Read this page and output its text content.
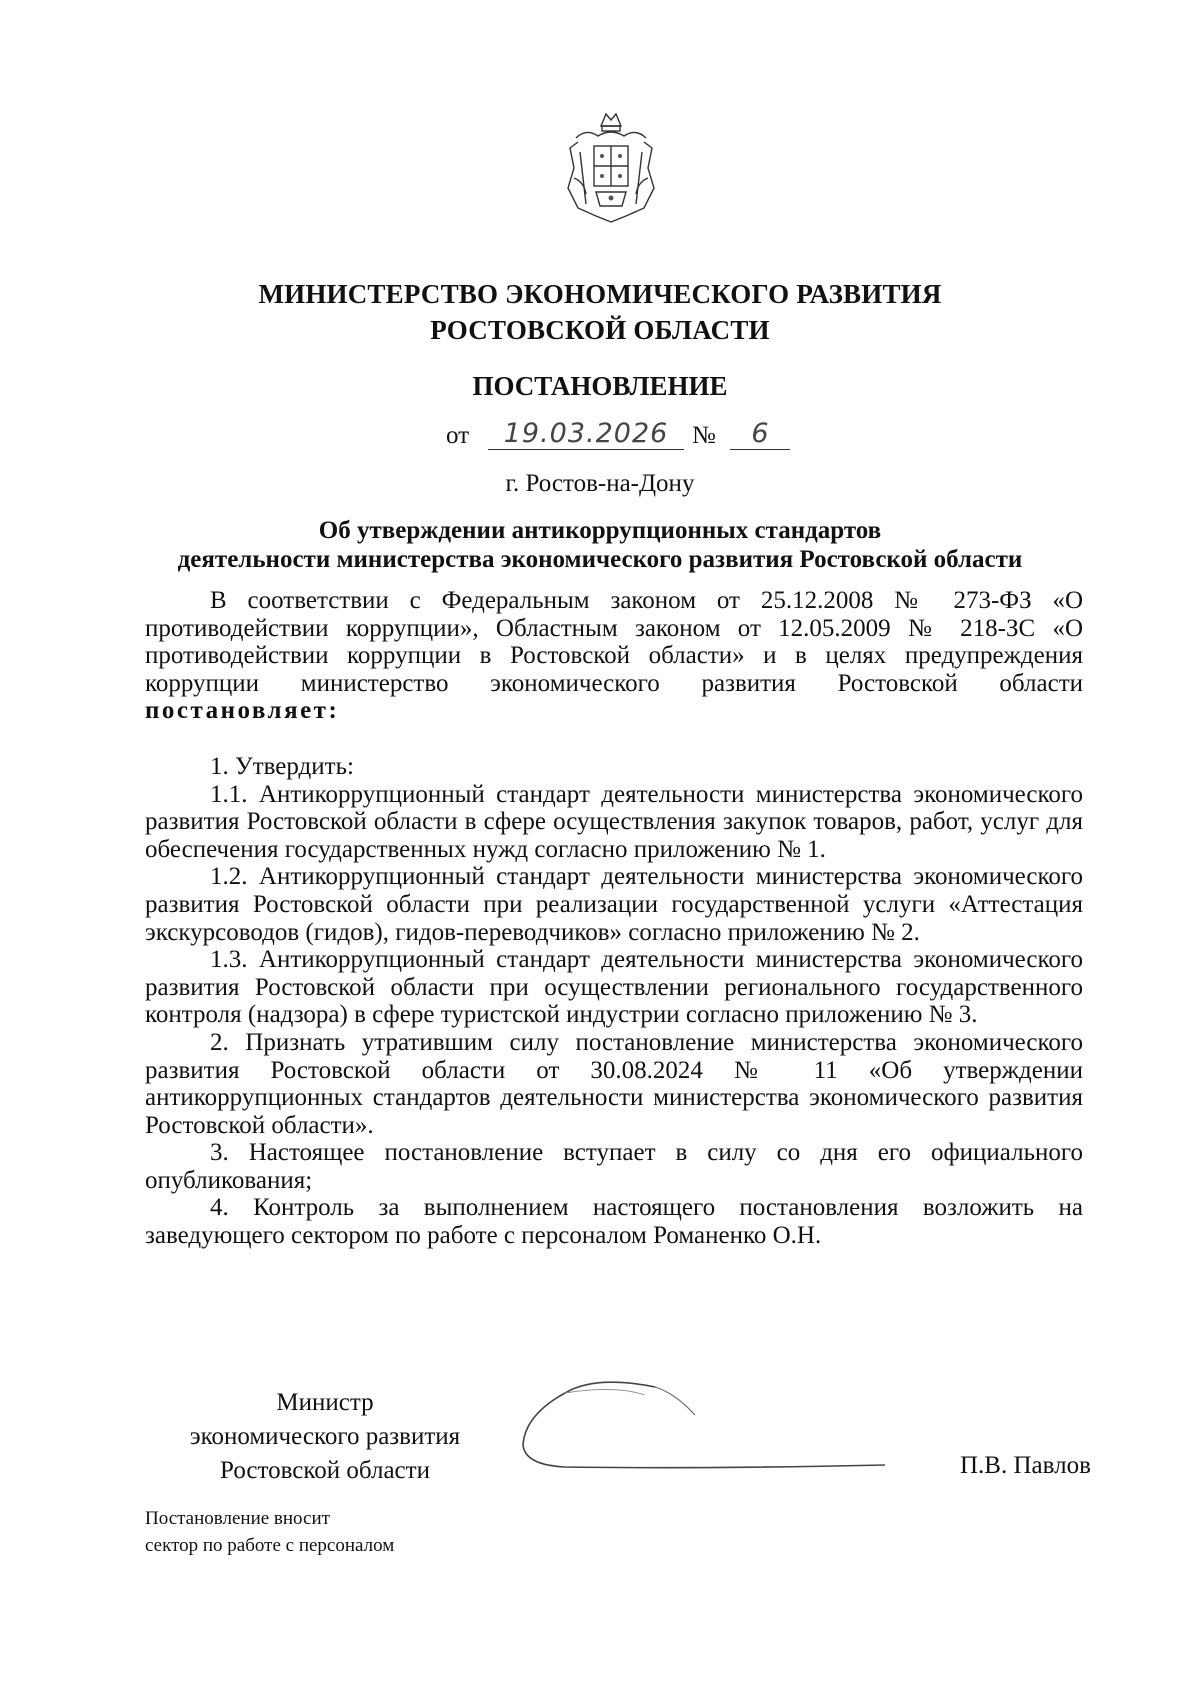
МИНИСТЕРСТВО ЭКОНОМИЧЕСКОГО РАЗВИТИЯ
РОСТОВСКОЙ ОБЛАСТИ
ПОСТАНОВЛЕНИЕ
от	19.03.2026 №	6
г. Ростов-на-Дону
Об утверждении антикоррупционных стандартов
деятельности министерства экономического развития Ростовской области

В соответствии с Федеральным законом от 25.12.2008 № 273-ФЗ «О противодействии коррупции», Областным законом от 12.05.2009 № 218-ЗС «О противодействии коррупции в Ростовской области» и в целях предупреждения коррупции министерство экономического развития Ростовской области постановляет:

1. Утвердить:

1.1. Антикоррупционный стандарт деятельности министерства экономического развития Ростовской области в сфере осуществления закупок товаров, работ, услуг для обеспечения государственных нужд согласно приложению № 1.

1.2. Антикоррупционный стандарт деятельности министерства экономического развития Ростовской области при реализации государственной услуги «Аттестация экскурсоводов (гидов), гидов-переводчиков» согласно приложению № 2.

1.3. Антикоррупционный стандарт деятельности министерства экономического развития Ростовской области при осуществлении регионального государственного контроля (надзора) в сфере туристской индустрии согласно приложению № 3.

2. Признать утратившим силу постановление министерства экономического развития Ростовской области от 30.08.2024 № 11 «Об утверждении антикоррупционных стандартов деятельности министерства экономического развития Ростовской области».

3. Настоящее постановление вступает в силу со дня его официального опубликования;

4. Контроль за выполнением настоящего постановления возложить на заведующего сектором по работе с персоналом Романенко О.Н.

Министр
экономического развития
Ростовской области	П.В. Павлов
Постановление вносит
сектор по работе с персоналом
